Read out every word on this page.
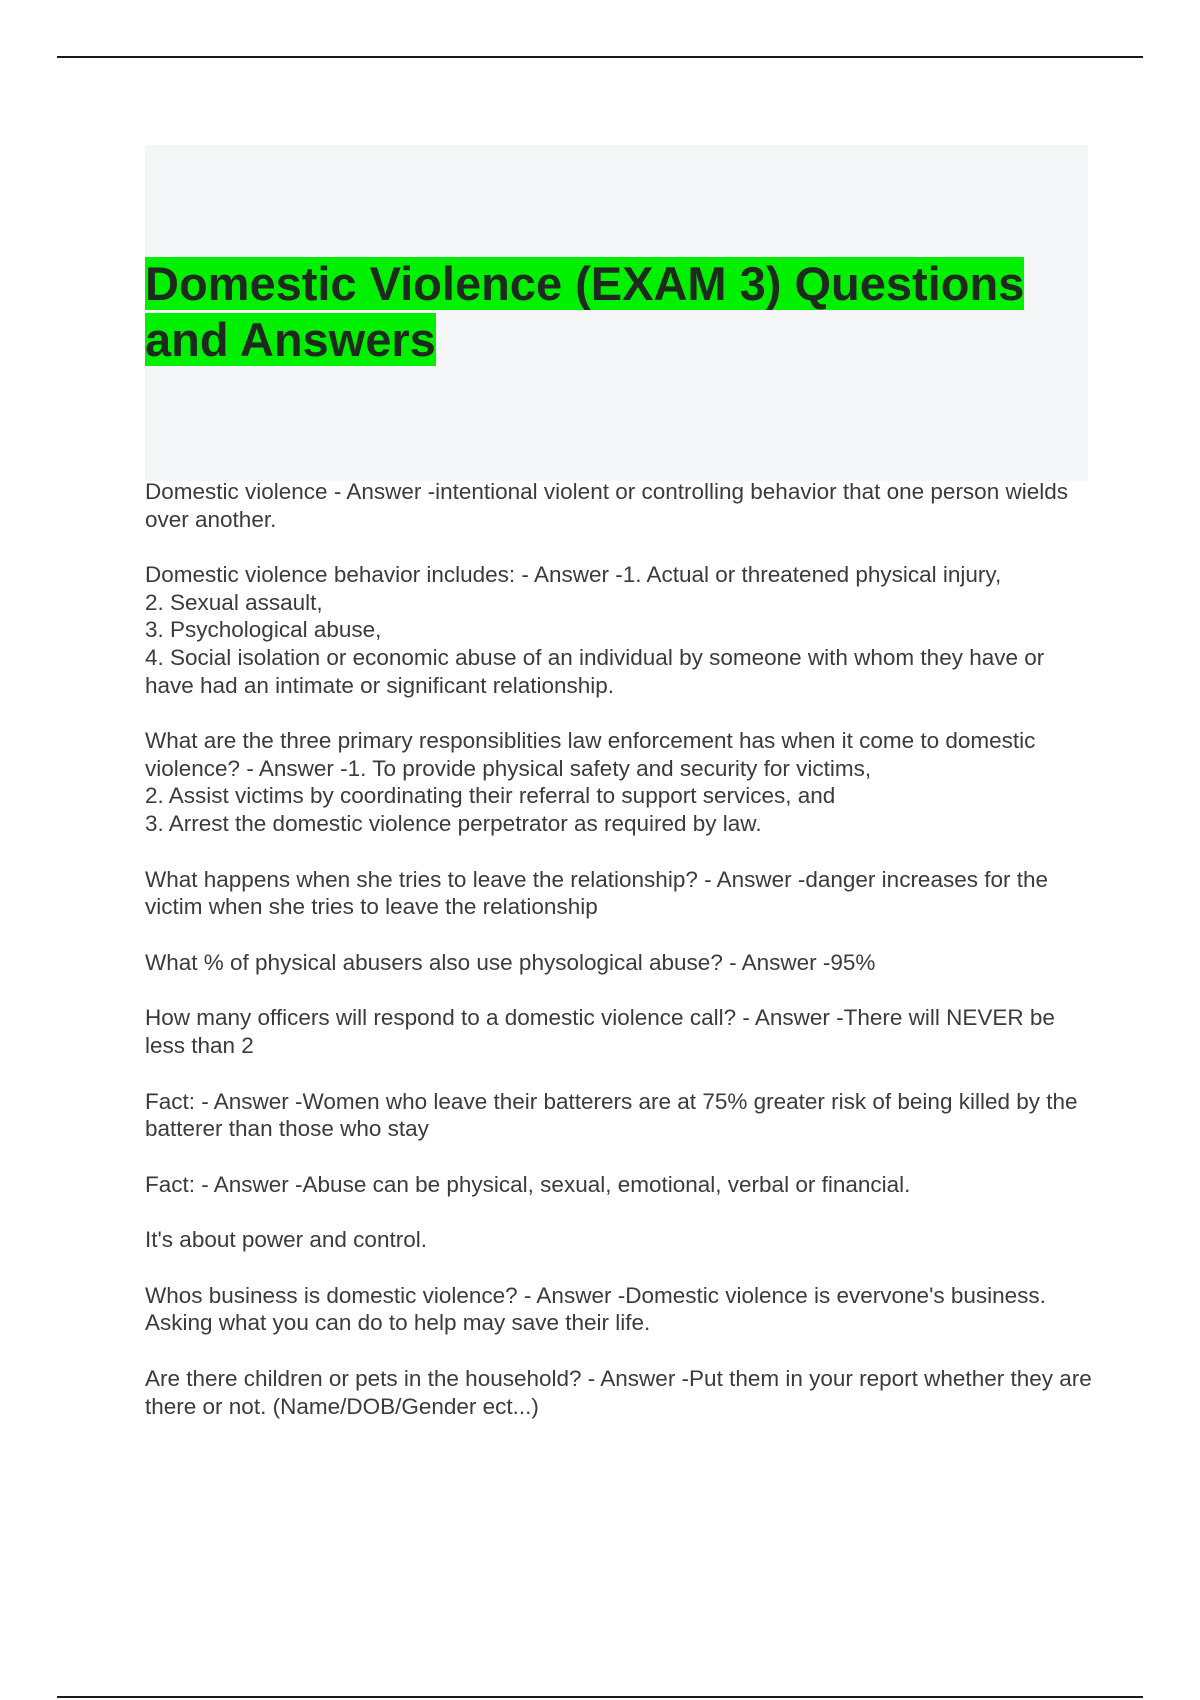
Domestic Violence (EXAM 3) Questions and Answers

Domestic violence - Answer -intentional violent or controlling behavior that one person wields over another.

Domestic violence behavior includes: - Answer -1. Actual or threatened physical injury,
2. Sexual assault,
3. Psychological abuse,
4. Social isolation or economic abuse of an individual by someone with whom they have or have had an intimate or significant relationship.

What are the three primary responsiblities law enforcement has when it come to domestic violence? - Answer -1. To provide physical safety and security for victims,
2. Assist victims by coordinating their referral to support services, and
3. Arrest the domestic violence perpetrator as required by law.

What happens when she tries to leave the relationship? - Answer -danger increases for the victim when she tries to leave the relationship

What % of physical abusers also use physological abuse? - Answer -95%

How many officers will respond to a domestic violence call? - Answer -There will NEVER be less than 2

Fact: - Answer -Women who leave their batterers are at 75% greater risk of being killed by the batterer than those who stay

Fact: - Answer -Abuse can be physical, sexual, emotional, verbal or financial.

It's about power and control.

Whos business is domestic violence? - Answer -Domestic violence is evervone's business. Asking what you can do to help may save their life.

Are there children or pets in the household? - Answer -Put them in your report whether they are there or not. (Name/DOB/Gender ect...)
